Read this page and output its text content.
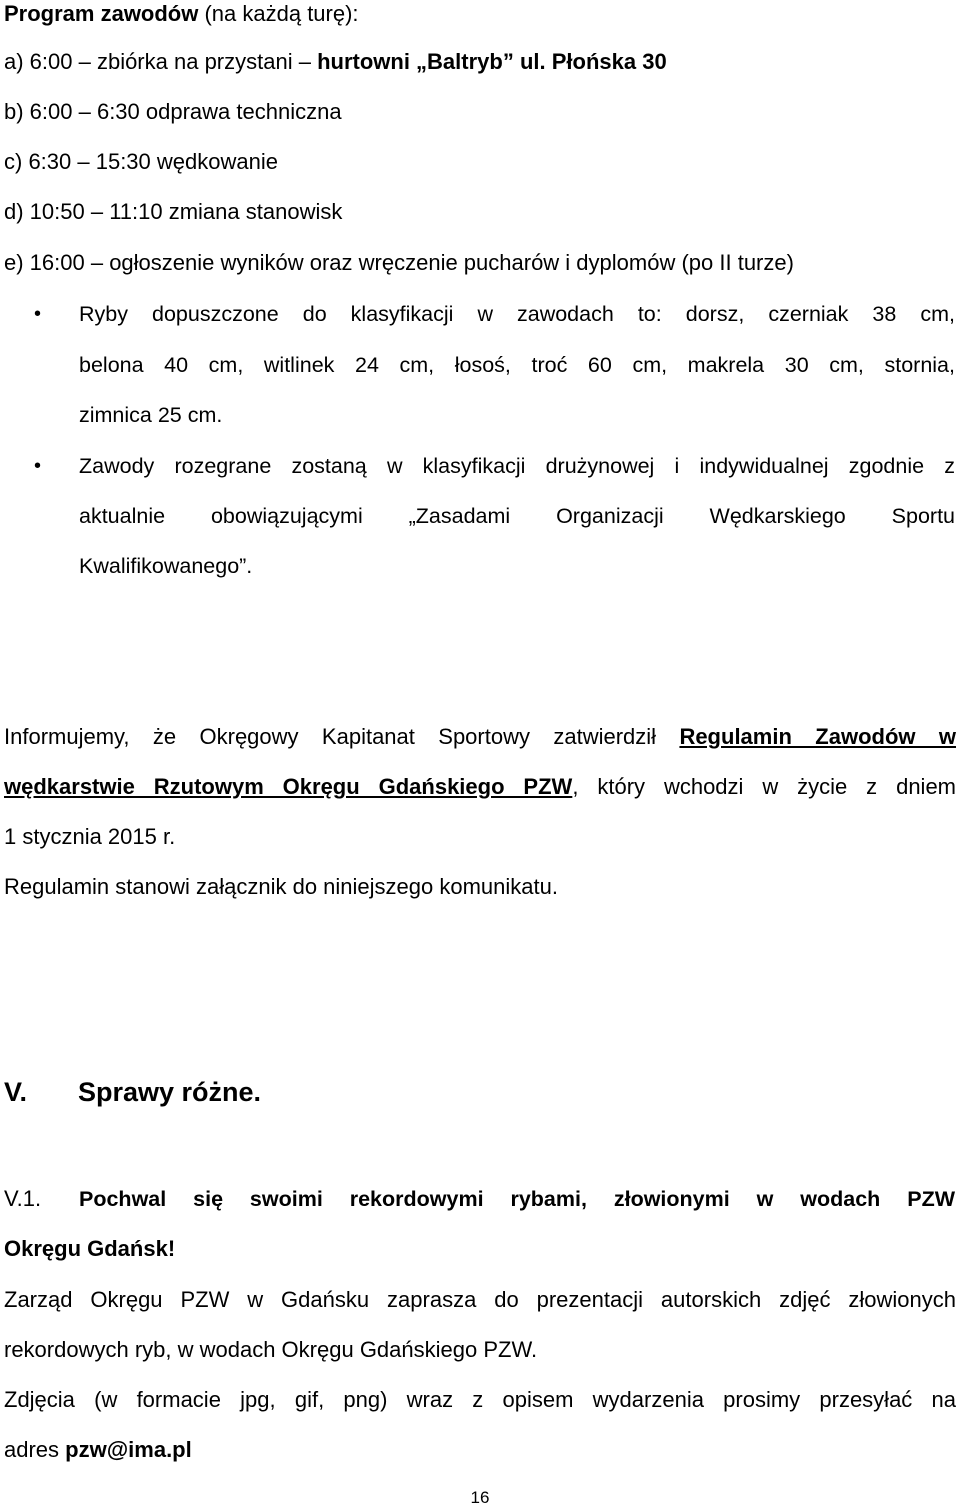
Program zawodów (na każdą turę):
a) 6:00 – zbiórka na przystani – hurtowni „Baltryb” ul. Płońska 30
b) 6:00 – 6:30 odprawa techniczna
c) 6:30 – 15:30 wędkowanie
d) 10:50 – 11:10 zmiana stanowisk
e) 16:00 – ogłoszenie wyników oraz wręczenie pucharów i dyplomów (po II turze)
• Ryby dopuszczone do klasyfikacji w zawodach to: dorsz, czerniak 38 cm,
belona 40 cm, witlinek 24 cm, łosoś, troć 60 cm, makrela 30 cm, stornia,
zimnica 25 cm.
• Zawody rozegrane zostaną w klasyfikacji drużynowej i indywidualnej zgodnie z
aktualnie obowiązującymi „Zasadami Organizacji Wędkarskiego Sportu
Kwalifikowanego”.
Informujemy, że Okręgowy Kapitanat Sportowy zatwierdził Regulamin Zawodów w
wędkarstwie Rzutowym Okręgu Gdańskiego PZW, który wchodzi w życie z dniem
1 stycznia 2015 r.
Regulamin stanowi załącznik do niniejszego komunikatu.
V. Sprawy różne.
V.1. Pochwal się swoimi rekordowymi rybami, złowionymi w wodach PZW
Okręgu Gdańsk!
Zarząd Okręgu PZW w Gdańsku zaprasza do prezentacji autorskich zdjęć złowionych
rekordowych ryb, w wodach Okręgu Gdańskiego PZW.
Zdjęcia (w formacie jpg, gif, png) wraz z opisem wydarzenia prosimy przesyłać na
adres pzw@ima.pl
16
